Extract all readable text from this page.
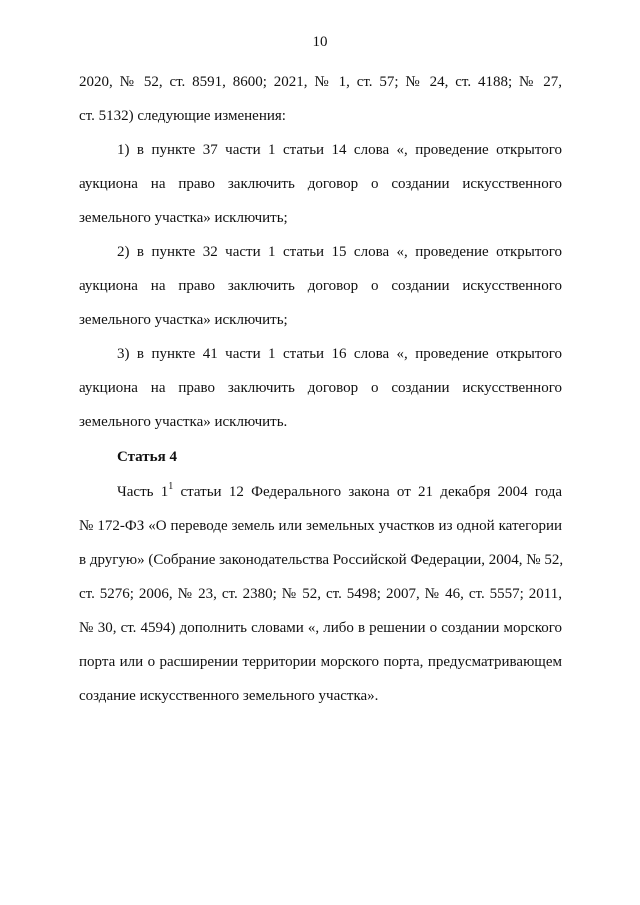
10
2020, № 52, ст. 8591, 8600; 2021, № 1, ст. 57; № 24, ст. 4188; № 27,
ст. 5132) следующие изменения:
1) в пункте 37 части 1 статьи 14 слова «, проведение открытого
аукциона на право заключить договор о создании искусственного
земельного участка» исключить;
2) в пункте 32 части 1 статьи 15 слова «, проведение открытого
аукциона на право заключить договор о создании искусственного
земельного участка» исключить;
3) в пункте 41 части 1 статьи 16 слова «, проведение открытого
аукциона на право заключить договор о создании искусственного
земельного участка» исключить.
Статья 4
Часть $1^1$ статьи 12 Федерального закона от 21 декабря 2004 года
№ 172-ФЗ «О переводе земель или земельных участков из одной категории
в другую» (Собрание законодательства Российской Федерации, 2004, № 52,
ст. 5276; 2006, № 23, ст. 2380; № 52, ст. 5498; 2007, № 46, ст. 5557; 2011,
№ 30, ст. 4594) дополнить словами «, либо в решении о создании морского
порта или о расширении территории морского порта, предусматривающем
создание искусственного земельного участка».
